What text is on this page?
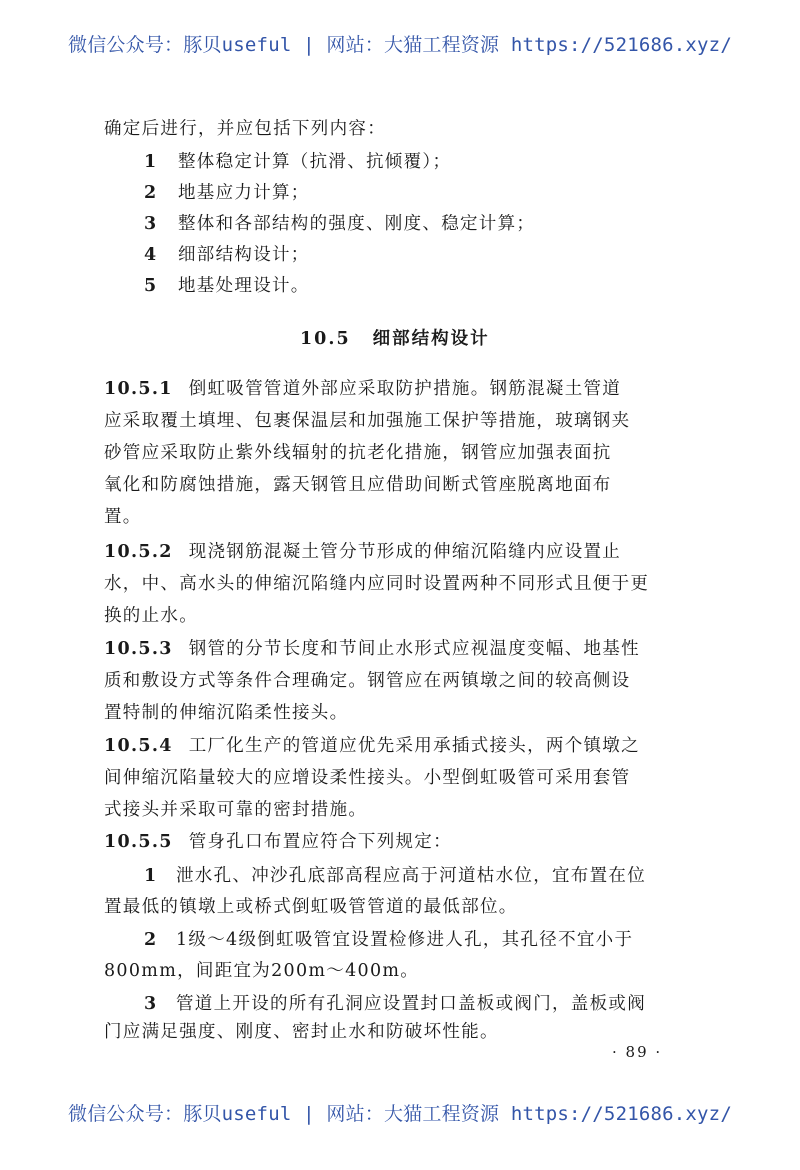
微信公众号：豚贝useful | 网站：大猫工程资源 https://521686.xyz/
确定后进行，并应包括下列内容：
1 整体稳定计算（抗滑、抗倾覆）；
2 地基应力计算；
3 整体和各部结构的强度、刚度、稳定计算；
4 细部结构设计；
5 地基处理设计。
10.5 细部结构设计
10.5.1 倒虹吸管管道外部应采取防护措施。钢筋混凝土管道
应采取覆土填埋、包裹保温层和加强施工保护等措施，玻璃钢夹
砂管应采取防止紫外线辐射的抗老化措施，钢管应加强表面抗
氧化和防腐蚀措施，露天钢管且应借助间断式管座脱离地面布
置。
10.5.2 现浇钢筋混凝土管分节形成的伸缩沉陷缝内应设置止
水，中、高水头的伸缩沉陷缝内应同时设置两种不同形式且便于更
换的止水。
10.5.3 钢管的分节长度和节间止水形式应视温度变幅、地基性
质和敷设方式等条件合理确定。钢管应在两镇墩之间的较高侧设
置特制的伸缩沉陷柔性接头。
10.5.4 工厂化生产的管道应优先采用承插式接头，两个镇墩之
间伸缩沉陷量较大的应增设柔性接头。小型倒虹吸管可采用套管
式接头并采取可靠的密封措施。
10.5.5 管身孔口布置应符合下列规定：
1 泄水孔、冲沙孔底部高程应高于河道枯水位，宜布置在位
置最低的镇墩上或桥式倒虹吸管管道的最低部位。
2 1级～4级倒虹吸管宜设置检修进人孔，其孔径不宜小于
800mm，间距宜为200m～400m。
3 管道上开设的所有孔洞应设置封口盖板或阀门，盖板或阀
门应满足强度、刚度、密封止水和防破坏性能。
· 89 ·
微信公众号：豚贝useful | 网站：大猫工程资源 https://521686.xyz/
